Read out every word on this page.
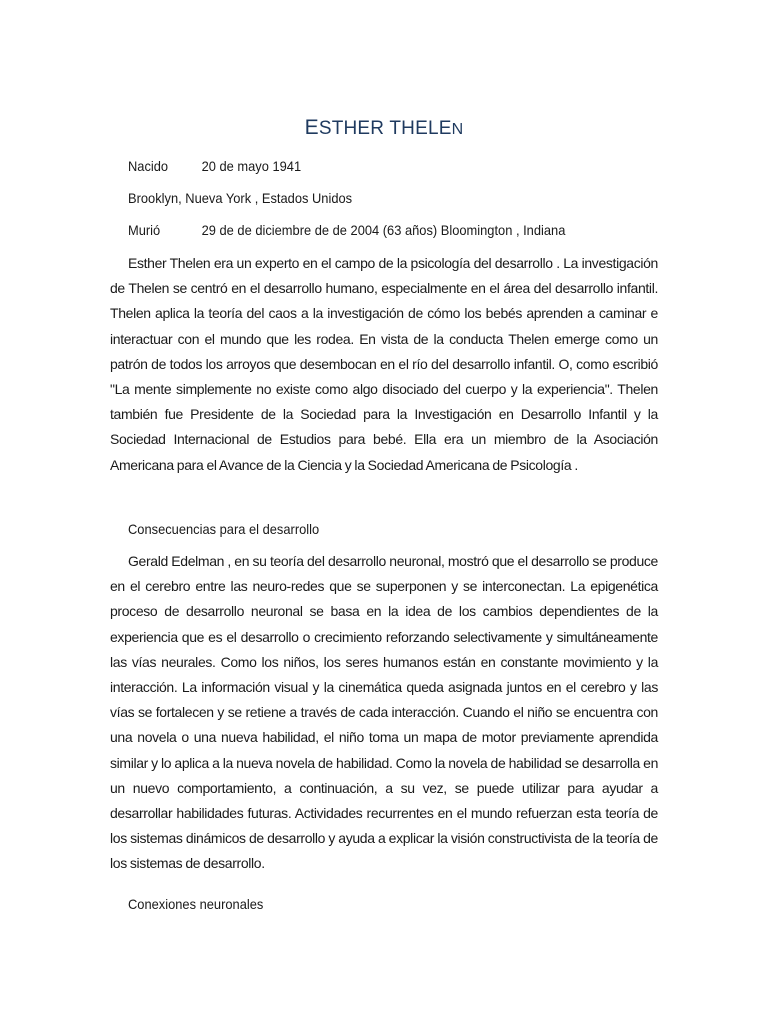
ESTHER THELEN
Nacido 20 de mayo 1941
Brooklyn, Nueva York , Estados Unidos
Murió	29 de de diciembre de de 2004 (63 años) Bloomington , Indiana

Esther Thelen era un experto en el campo de la psicología del desarrollo . La investigación de Thelen se centró en el desarrollo humano, especialmente en el área del desarrollo infantil. Thelen aplica la teoría del caos a la investigación de cómo los bebés aprenden a caminar e interactuar con el mundo que les rodea. En vista de la conducta Thelen emerge como un patrón de todos los arroyos que desembocan en el río del desarrollo infantil. O, como escribió "La mente simplemente no existe como algo disociado del cuerpo y la experiencia". Thelen también fue Presidente de la Sociedad para la Investigación en Desarrollo Infantil y la Sociedad Internacional de Estudios para bebé. Ella era un miembro de la Asociación Americana para el Avance de la Ciencia y la Sociedad Americana de Psicología .

Consecuencias para el desarrollo

Gerald Edelman , en su teoría del desarrollo neuronal, mostró que el desarrollo se produce en el cerebro entre las neuro-redes que se superponen y se interconectan. La epigenética proceso de desarrollo neuronal se basa en la idea de los cambios dependientes de la experiencia que es el desarrollo o crecimiento reforzando selectivamente y simultáneamente las vías neurales. Como los niños, los seres humanos están en constante movimiento y la interacción. La información visual y la cinemática queda asignada juntos en el cerebro y las vías se fortalecen y se retiene a través de cada interacción. Cuando el niño se encuentra con una novela o una nueva habilidad, el niño toma un mapa de motor previamente aprendida similar y lo aplica a la nueva novela de habilidad. Como la novela de habilidad se desarrolla en un nuevo comportamiento, a continuación, a su vez, se puede utilizar para ayudar a desarrollar habilidades futuras. Actividades recurrentes en el mundo refuerzan esta teoría de los sistemas dinámicos de desarrollo y ayuda a explicar la visión constructivista de la teoría de los sistemas de desarrollo.

Conexiones neuronales
